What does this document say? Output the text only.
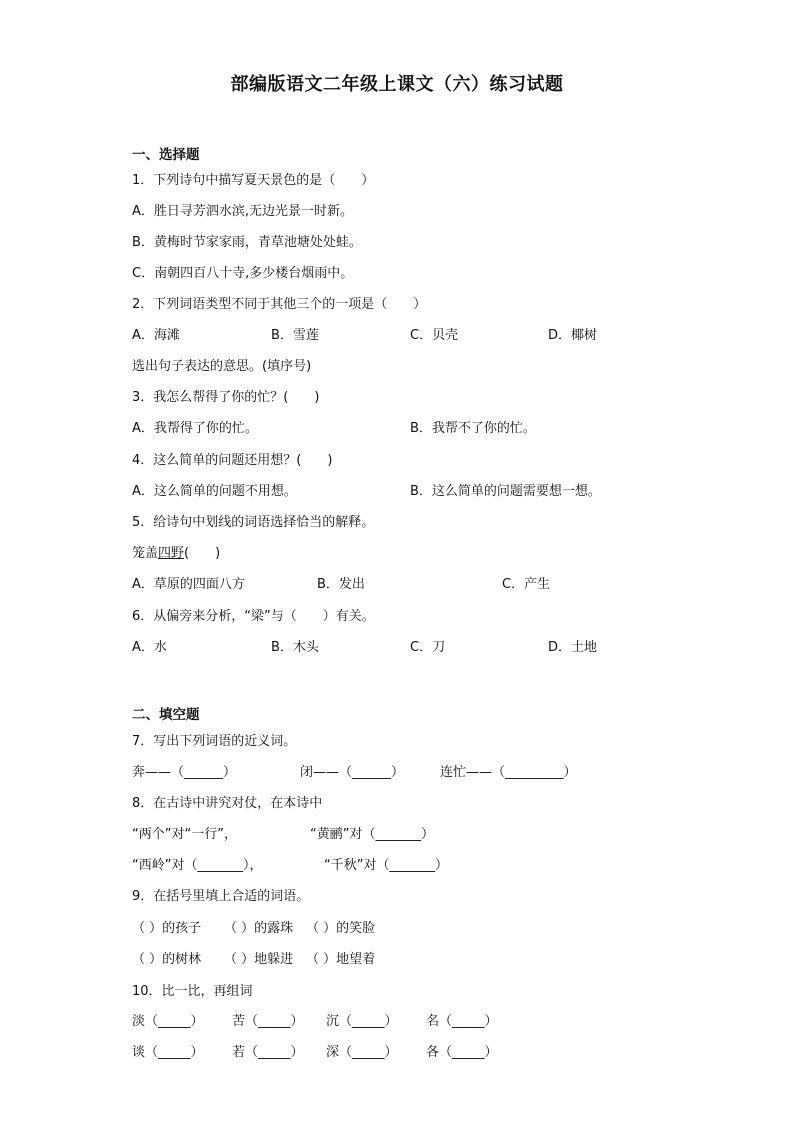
部编版语文二年级上课文（六）练习试题
一、选择题
1．下列诗句中描写夏天景色的是（　　）
A．胜日寻芳泗水滨,无边光景一时新。
B．黄梅时节家家雨，青草池塘处处蛙。
C．南朝四百八十寺,多少楼台烟雨中。
2．下列词语类型不同于其他三个的一项是（　　）
A．海滩	B．雪莲	C．贝壳	D．椰树
选出句子表达的意思。(填序号)
3．我怎么帮得了你的忙？(　　)
A．我帮得了你的忙。	B．我帮不了你的忙。
4．这么简单的问题还用想？(　　)
A．这么简单的问题不用想。	B．这么简单的问题需要想一想。
5．给诗句中划线的词语选择恰当的解释。
笼盖四野(　　)
A．草原的四面八方	B．发出	C．产生
6．从偏旁来分析，“梁”与（　　）有关。
A．水	B．木头	C．刀	D．土地
二、填空题
7．写出下列词语的近义词。
奔——（______）	闭——（______）	连忙——（_________）
8．在古诗中讲究对仗，在本诗中
“两个”对“一行”，	“黄鹂”对（_______）
“西岭”对（_______），	“千秋”对（_______）
9．在括号里填上合适的词语。
（ ）的孩子 （ ）的露珠 （ ）的笑脸
（ ）的树林 （ ）地躲进 （ ）地望着
10．比一比，再组词
淡（_____） 苦（_____） 沉（_____） 名（_____）
谈（_____） 若（_____） 深（_____） 各（_____）
